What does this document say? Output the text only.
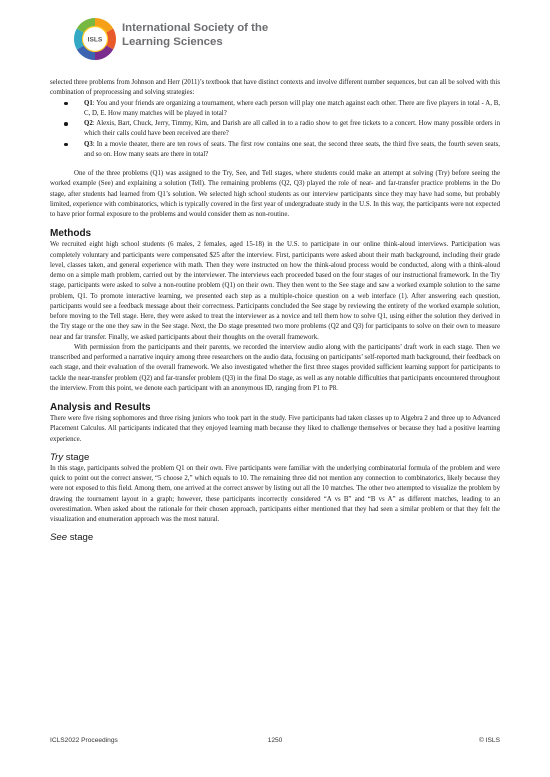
ISLS
International Society of the Learning Sciences

selected three problems from Johnson and Herr (2011)’s textbook that have distinct contexts and involve different number sequences, but can all be solved with this combination of preprocessing and solving strategies:

Q1: You and your friends are organizing a tournament, where each person will play one match against each other. There are five players in total - A, B, C, D, E. How many matches will be played in total?
Q2: Alexis, Bart, Chuck, Jerry, Timmy, Kim, and Darish are all called in to a radio show to get free tickets to a concert. How many possible orders in which their calls could have been received are there?
Q3: In a movie theater, there are ten rows of seats. The first row contains one seat, the second three seats, the third five seats, the fourth seven seats, and so on. How many seats are there in total?

One of the three problems (Q1) was assigned to the Try, See, and Tell stages, where students could make an attempt at solving (Try) before seeing the worked example (See) and explaining a solution (Tell). The remaining problems (Q2, Q3) played the role of near- and far-transfer practice problems in the Do stage, after students had learned from Q1’s solution. We selected high school students as our interview participants since they may have had some, but probably limited, experience with combinatorics, which is typically covered in the first year of undergraduate study in the U.S. In this way, the participants were not expected to have prior formal exposure to the problems and would consider them as non-routine.

Methods

We recruited eight high school students (6 males, 2 females, aged 15-18) in the U.S. to participate in our online think-aloud interviews. Participation was completely voluntary and participants were compensated $25 after the interview. First, participants were asked about their math background, including their grade level, classes taken, and general experience with math. Then they were instructed on how the think-aloud process would be conducted, along with a think-aloud demo on a simple math problem, carried out by the interviewer. The interviews each proceeded based on the four stages of our instructional framework. In the Try stage, participants were asked to solve a non-routine problem (Q1) on their own. They then went to the See stage and saw a worked example solution to the same problem, Q1. To promote interactive learning, we presented each step as a multiple-choice question on a web interface (1). After answering each question, participants would see a feedback message about their correctness. Participants concluded the See stage by reviewing the entirety of the worked example solution, before moving to the Tell stage. Here, they were asked to treat the interviewer as a novice and tell them how to solve Q1, using either the solution they derived in the Try stage or the one they saw in the See stage. Next, the Do stage presented two more problems (Q2 and Q3) for participants to solve on their own to measure near and far transfer. Finally, we asked participants about their thoughts on the overall framework.

With permission from the participants and their parents, we recorded the interview audio along with the participants’ draft work in each stage. Then we transcribed and performed a narrative inquiry among three researchers on the audio data, focusing on participants’ self-reported math background, their feedback on each stage, and their evaluation of the overall framework. We also investigated whether the first three stages provided sufficient learning support for participants to tackle the near-transfer problem (Q2) and far-transfer problem (Q3) in the final Do stage, as well as any notable difficulties that participants encountered throughout the interview. From this point, we denote each participant with an anonymous ID, ranging from P1 to P8.

Analysis and Results

There were five rising sophomores and three rising juniors who took part in the study. Five participants had taken classes up to Algebra 2 and three up to Advanced Placement Calculus. All participants indicated that they enjoyed learning math because they liked to challenge themselves or because they had a positive learning experience.

Try stage

In this stage, participants solved the problem Q1 on their own. Five participants were familiar with the underlying combinatorial formula of the problem and were quick to point out the correct answer, “5 choose 2,” which equals to 10. The remaining three did not mention any connection to combinatorics, likely because they were not exposed to this field. Among them, one arrived at the correct answer by listing out all the 10 matches. The other two attempted to visualize the problem by drawing the tournament layout in a graph; however, these participants incorrectly considered “A vs B” and “B vs A” as different matches, leading to an overestimation. When asked about the rationale for their chosen approach, participants either mentioned that they had seen a similar problem or that they felt the visualization and enumeration approach was the most natural.

See stage
ICLS2022 Proceedings	1250	© ISLS
